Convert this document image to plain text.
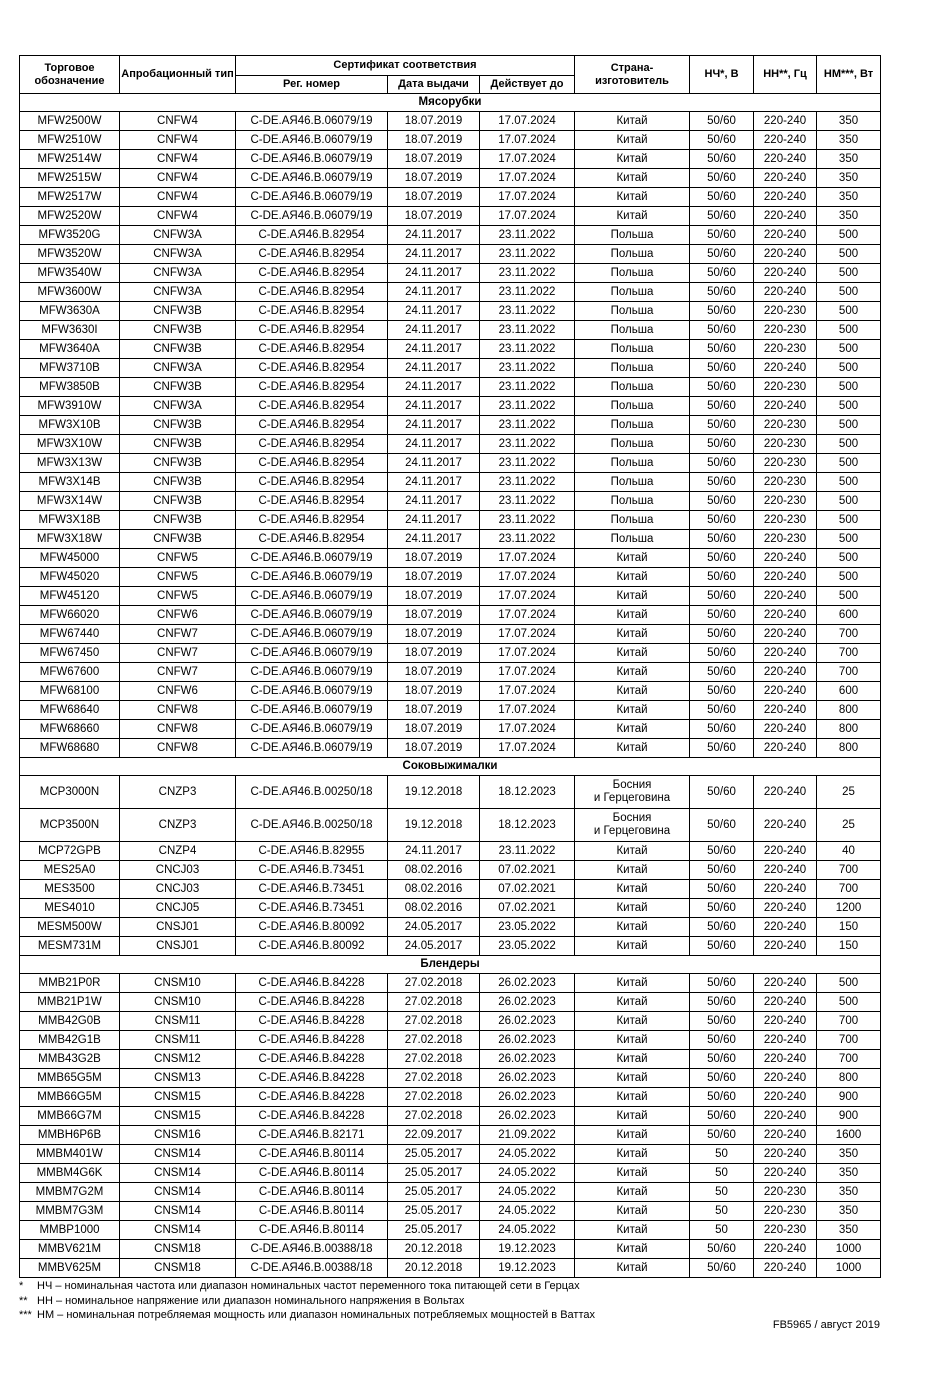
Торговое обозначение	Апробационный тип	Сертификат соответствия			Страна-изготовитель	НЧ*, В	НН**, Гц	НМ***, Вт
		Рег. номер	Дата выдачи	Действует до				
Мясорубки								
MFW2500W	CNFW4	C-DE.АЯ46.В.06079/19	18.07.2019	17.07.2024	Китай	50/60	220-240	350
MFW2510W	CNFW4	C-DE.АЯ46.В.06079/19	18.07.2019	17.07.2024	Китай	50/60	220-240	350
MFW2514W	CNFW4	C-DE.АЯ46.В.06079/19	18.07.2019	17.07.2024	Китай	50/60	220-240	350
MFW2515W	CNFW4	C-DE.АЯ46.В.06079/19	18.07.2019	17.07.2024	Китай	50/60	220-240	350
MFW2517W	CNFW4	C-DE.АЯ46.В.06079/19	18.07.2019	17.07.2024	Китай	50/60	220-240	350
MFW2520W	CNFW4	C-DE.АЯ46.В.06079/19	18.07.2019	17.07.2024	Китай	50/60	220-240	350
MFW3520G	CNFW3A	C-DE.АЯ46.В.82954	24.11.2017	23.11.2022	Польша	50/60	220-240	500
MFW3520W	CNFW3A	C-DE.АЯ46.В.82954	24.11.2017	23.11.2022	Польша	50/60	220-240	500
MFW3540W	CNFW3A	C-DE.АЯ46.В.82954	24.11.2017	23.11.2022	Польша	50/60	220-240	500
MFW3600W	CNFW3A	C-DE.АЯ46.В.82954	24.11.2017	23.11.2022	Польша	50/60	220-240	500
MFW3630A	CNFW3B	C-DE.АЯ46.В.82954	24.11.2017	23.11.2022	Польша	50/60	220-230	500
MFW3630I	CNFW3B	C-DE.АЯ46.В.82954	24.11.2017	23.11.2022	Польша	50/60	220-230	500
MFW3640A	CNFW3B	C-DE.АЯ46.В.82954	24.11.2017	23.11.2022	Польша	50/60	220-230	500
MFW3710B	CNFW3A	C-DE.АЯ46.В.82954	24.11.2017	23.11.2022	Польша	50/60	220-240	500
MFW3850B	CNFW3B	C-DE.АЯ46.В.82954	24.11.2017	23.11.2022	Польша	50/60	220-230	500
MFW3910W	CNFW3A	C-DE.АЯ46.В.82954	24.11.2017	23.11.2022	Польша	50/60	220-240	500
MFW3X10B	CNFW3B	C-DE.АЯ46.В.82954	24.11.2017	23.11.2022	Польша	50/60	220-230	500
MFW3X10W	CNFW3B	C-DE.АЯ46.В.82954	24.11.2017	23.11.2022	Польша	50/60	220-230	500
MFW3X13W	CNFW3B	C-DE.АЯ46.В.82954	24.11.2017	23.11.2022	Польша	50/60	220-230	500
MFW3X14B	CNFW3B	C-DE.АЯ46.В.82954	24.11.2017	23.11.2022	Польша	50/60	220-230	500
MFW3X14W	CNFW3B	C-DE.АЯ46.В.82954	24.11.2017	23.11.2022	Польша	50/60	220-230	500
MFW3X18B	CNFW3B	C-DE.АЯ46.В.82954	24.11.2017	23.11.2022	Польша	50/60	220-230	500
MFW3X18W	CNFW3B	C-DE.АЯ46.В.82954	24.11.2017	23.11.2022	Польша	50/60	220-230	500
MFW45000	CNFW5	C-DE.АЯ46.В.06079/19	18.07.2019	17.07.2024	Китай	50/60	220-240	500
MFW45020	CNFW5	C-DE.АЯ46.В.06079/19	18.07.2019	17.07.2024	Китай	50/60	220-240	500
MFW45120	CNFW5	C-DE.АЯ46.В.06079/19	18.07.2019	17.07.2024	Китай	50/60	220-240	500
MFW66020	CNFW6	C-DE.АЯ46.В.06079/19	18.07.2019	17.07.2024	Китай	50/60	220-240	600
MFW67440	CNFW7	C-DE.АЯ46.В.06079/19	18.07.2019	17.07.2024	Китай	50/60	220-240	700
MFW67450	CNFW7	C-DE.АЯ46.В.06079/19	18.07.2019	17.07.2024	Китай	50/60	220-240	700
MFW67600	CNFW7	C-DE.АЯ46.В.06079/19	18.07.2019	17.07.2024	Китай	50/60	220-240	700
MFW68100	CNFW6	C-DE.АЯ46.В.06079/19	18.07.2019	17.07.2024	Китай	50/60	220-240	600
MFW68640	CNFW8	C-DE.АЯ46.В.06079/19	18.07.2019	17.07.2024	Китай	50/60	220-240	800
MFW68660	CNFW8	C-DE.АЯ46.В.06079/19	18.07.2019	17.07.2024	Китай	50/60	220-240	800
MFW68680	CNFW8	C-DE.АЯ46.В.06079/19	18.07.2019	17.07.2024	Китай	50/60	220-240	800
Соковыжималки								
MCP3000N	CNZP3	C-DE.АЯ46.В.00250/18	19.12.2018	18.12.2023	Босния
и Герцеговина	50/60	220-240	25
MCP3500N	CNZP3	C-DE.АЯ46.В.00250/18	19.12.2018	18.12.2023	Босния
и Герцеговина	50/60	220-240	25
MCP72GPB	CNZP4	C-DE.АЯ46.В.82955	24.11.2017	23.11.2022	Китай	50/60	220-240	40
MES25A0	CNCJ03	C-DE.АЯ46.В.73451	08.02.2016	07.02.2021	Китай	50/60	220-240	700
MES3500	CNCJ03	C-DE.АЯ46.В.73451	08.02.2016	07.02.2021	Китай	50/60	220-240	700
MES4010	CNCJ05	C-DE.АЯ46.В.73451	08.02.2016	07.02.2021	Китай	50/60	220-240	1200
MESM500W	CNSJ01	C-DE.АЯ46.В.80092	24.05.2017	23.05.2022	Китай	50/60	220-240	150
MESM731M	CNSJ01	C-DE.АЯ46.В.80092	24.05.2017	23.05.2022	Китай	50/60	220-240	150
Блендеры								
MMB21P0R	CNSM10	C-DE.АЯ46.В.84228	27.02.2018	26.02.2023	Китай	50/60	220-240	500
MMB21P1W	CNSM10	C-DE.АЯ46.В.84228	27.02.2018	26.02.2023	Китай	50/60	220-240	500
MMB42G0B	CNSM11	C-DE.АЯ46.В.84228	27.02.2018	26.02.2023	Китай	50/60	220-240	700
MMB42G1B	CNSM11	C-DE.АЯ46.В.84228	27.02.2018	26.02.2023	Китай	50/60	220-240	700
MMB43G2B	CNSM12	C-DE.АЯ46.В.84228	27.02.2018	26.02.2023	Китай	50/60	220-240	700
MMB65G5M	CNSM13	C-DE.АЯ46.В.84228	27.02.2018	26.02.2023	Китай	50/60	220-240	800
MMB66G5M	CNSM15	C-DE.АЯ46.В.84228	27.02.2018	26.02.2023	Китай	50/60	220-240	900
MMB66G7M	CNSM15	C-DE.АЯ46.В.84228	27.02.2018	26.02.2023	Китай	50/60	220-240	900
MMBH6P6B	CNSM16	C-DE.АЯ46.В.82171	22.09.2017	21.09.2022	Китай	50/60	220-240	1600
MMBM401W	CNSM14	C-DE.АЯ46.В.80114	25.05.2017	24.05.2022	Китай	50	220-240	350
MMBM4G6K	CNSM14	C-DE.АЯ46.В.80114	25.05.2017	24.05.2022	Китай	50	220-240	350
MMBM7G2M	CNSM14	C-DE.АЯ46.В.80114	25.05.2017	24.05.2022	Китай	50	220-230	350
MMBM7G3M	CNSM14	C-DE.АЯ46.В.80114	25.05.2017	24.05.2022	Китай	50	220-230	350
MMBP1000	CNSM14	C-DE.АЯ46.В.80114	25.05.2017	24.05.2022	Китай	50	220-230	350
MMBV621M	CNSM18	C-DE.АЯ46.В.00388/18	20.12.2018	19.12.2023	Китай	50/60	220-240	1000
MMBV625M	CNSM18	C-DE.АЯ46.В.00388/18	20.12.2018	19.12.2023	Китай	50/60	220-240	1000
* НЧ – номинальная частота или диапазон номинальных частот переменного тока питающей сети в Герцах
** НН – номинальное напряжение или диапазон номинального напряжения в Вольтах
*** НМ – номинальная потребляемая мощность или диапазон номинальных потребляемых мощностей в Ваттах
FB5965 / август 2019
